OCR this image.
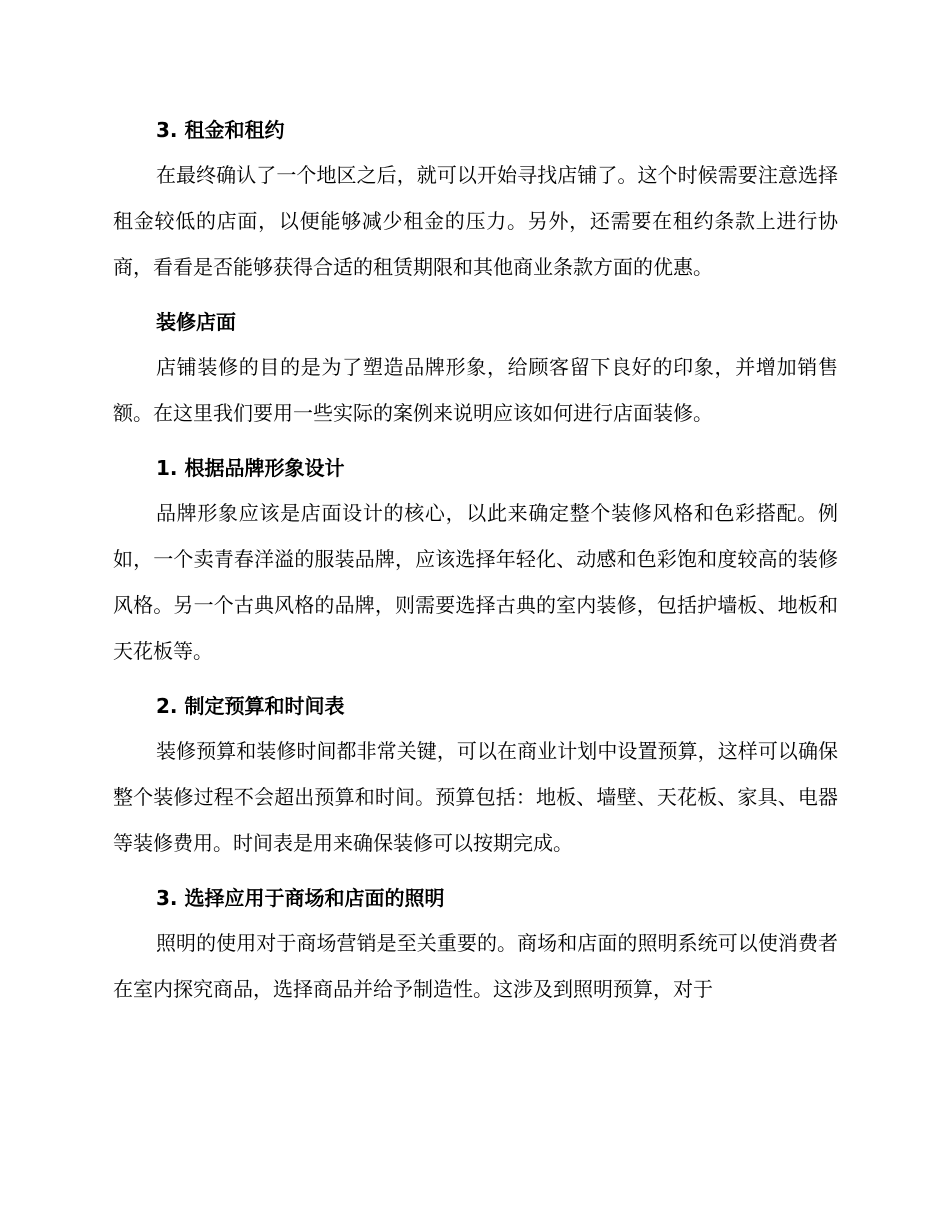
3. 租金和租约

在最终确认了一个地区之后，就可以开始寻找店铺了。这个时候需要注意选择租金较低的店面，以便能够减少租金的压力。另外，还需要在租约条款上进行协商，看看是否能够获得合适的租赁期限和其他商业条款方面的优惠。

装修店面

店铺装修的目的是为了塑造品牌形象，给顾客留下良好的印象，并增加销售额。在这里我们要用一些实际的案例来说明应该如何进行店面装修。

1. 根据品牌形象设计

品牌形象应该是店面设计的核心，以此来确定整个装修风格和色彩搭配。例如，一个卖青春洋溢的服装品牌，应该选择年轻化、动感和色彩饱和度较高的装修风格。另一个古典风格的品牌，则需要选择古典的室内装修，包括护墙板、地板和天花板等。

2. 制定预算和时间表

装修预算和装修时间都非常关键，可以在商业计划中设置预算，这样可以确保整个装修过程不会超出预算和时间。预算包括：地板、墙壁、天花板、家具、电器等装修费用。时间表是用来确保装修可以按期完成。

3. 选择应用于商场和店面的照明

照明的使用对于商场营销是至关重要的。商场和店面的照明系统可以使消费者在室内探究商品，选择商品并给予制造性。这涉及到照明预算，对于
